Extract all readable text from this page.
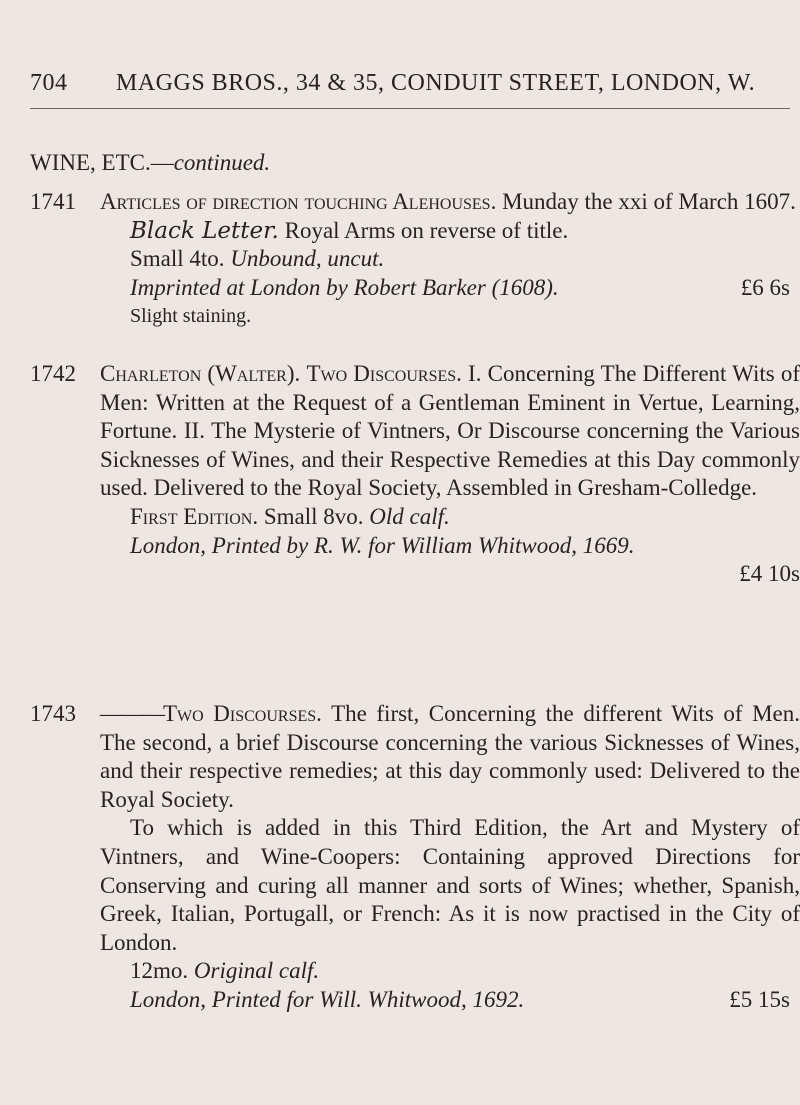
704 MAGGS BROS., 34 & 35, CONDUIT STREET, LONDON, W.
WINE, ETC.—continued.
1741	Articles of direction touching Alehouses. Munday the xxi of March 1607.

Black Letter. Royal Arms on reverse of title.

Small 4to. Unbound, uncut.

Imprinted at London by Robert Barker (1608).	£6 6s

Slight staining.

1742	Charleton (Walter). Two Discourses. I. Concerning The Different Wits of Men: Written at the Request of a Gentleman Eminent in Vertue, Learning, Fortune. II. The Mysterie of Vintners, Or Discourse concerning the Various Sicknesses of Wines, and their Respective Remedies at this Day commonly used. Delivered to the Royal Society, Assembled in Gresham-Colledge.

First Edition. Small 8vo. Old calf.

London, Printed by R. W. for William Whitwood, 1669.

£4 10s

1743	———Two Discourses. The first, Concerning the different Wits of Men. The second, a brief Discourse concerning the various Sicknesses of Wines, and their respective remedies; at this day commonly used: Delivered to the Royal Society.

To which is added in this Third Edition, the Art and Mystery of Vintners, and Wine-Coopers: Containing approved Directions for Conserving and curing all manner and sorts of Wines; whether, Spanish, Greek, Italian, Portugall, or French: As it is now practised in the City of London.

12mo. Original calf.

London, Printed for Will. Whitwood, 1692.	£5 15s
